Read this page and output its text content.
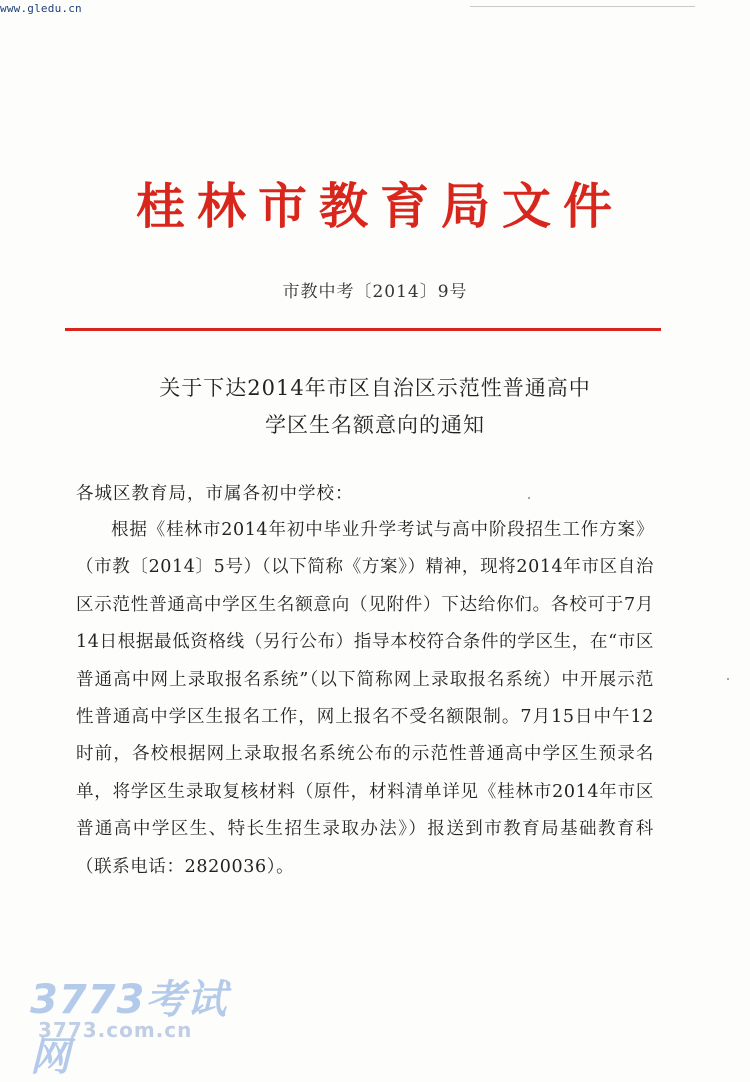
www.gledu.cn
桂林市教育局文件
市教中考〔2014〕9号
关于下达2014年市区自治区示范性普通高中
学区生名额意向的通知
各城区教育局，市属各初中学校：
根据《桂林市2014年初中毕业升学考试与高中阶段招生工作方案》（市教〔2014〕5号）（以下简称《方案》）精神，现将2014年市区自治区示范性普通高中学区生名额意向（见附件）下达给你们。各校可于7月14日根据最低资格线（另行公布）指导本校符合条件的学区生，在“市区普通高中网上录取报名系统”（以下简称网上录取报名系统）中开展示范性普通高中学区生报名工作，网上报名不受名额限制。7月15日中午12时前，各校根据网上录取报名系统公布的示范性普通高中学区生预录名单，将学区生录取复核材料（原件，材料清单详见《桂林市2014年市区普通高中学区生、特长生招生录取办法》）报送到市教育局基础教育科（联系电话：2820036）。
3773考试网
3773.com.cn
